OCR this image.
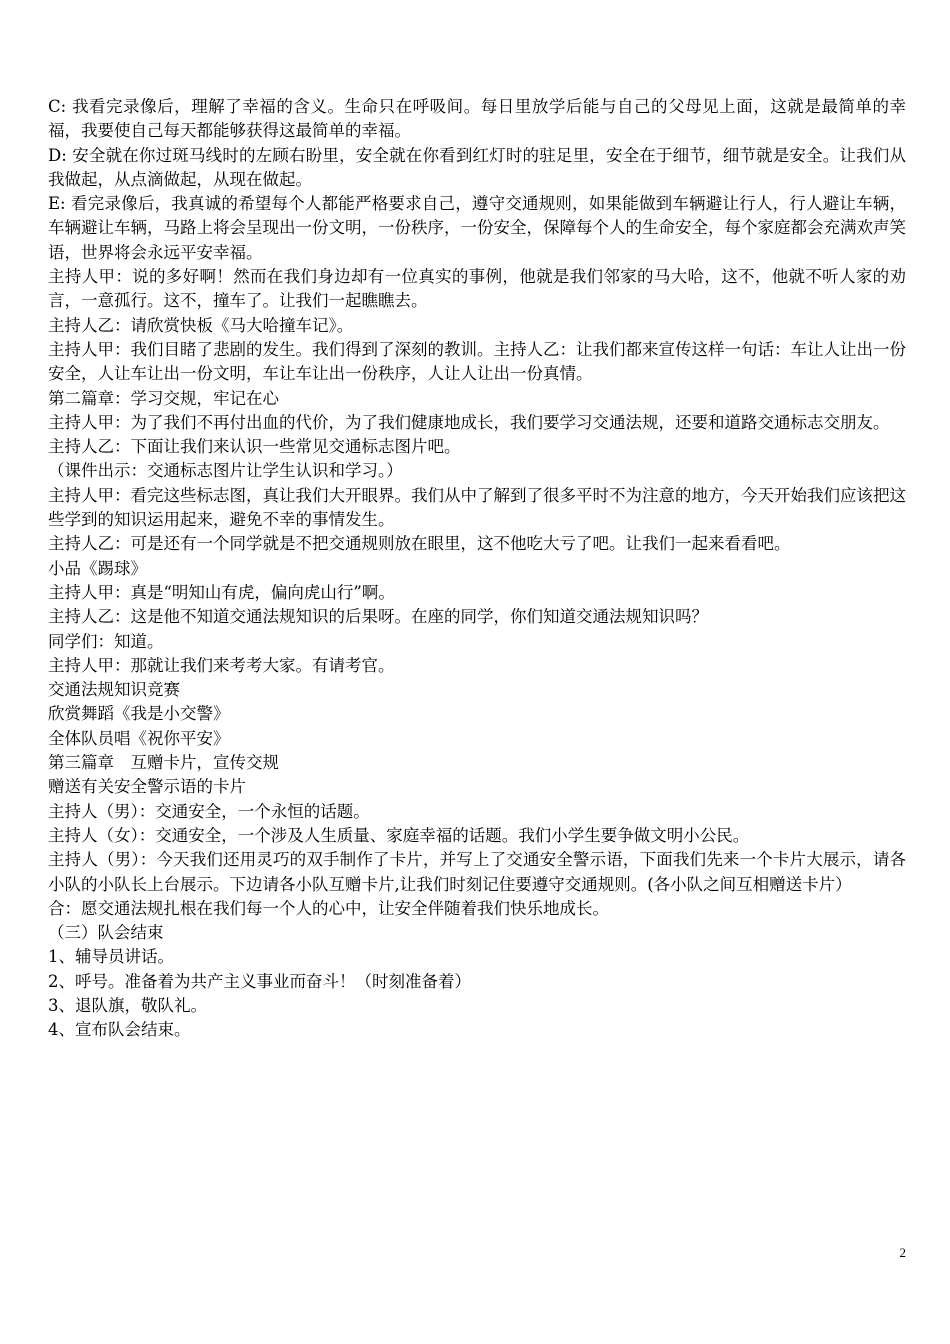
C: 我看完录像后，理解了幸福的含义。生命只在呼吸间。每日里放学后能与自己的父母见上面，这就是最简单的幸福，我要使自己每天都能够获得这最简单的幸福。

D: 安全就在你过斑马线时的左顾右盼里，安全就在你看到红灯时的驻足里，安全在于细节，细节就是安全。让我们从我做起，从点滴做起，从现在做起。

E: 看完录像后，我真诚的希望每个人都能严格要求自己，遵守交通规则，如果能做到车辆避让行人，行人避让车辆，车辆避让车辆，马路上将会呈现出一份文明，一份秩序，一份安全，保障每个人的生命安全，每个家庭都会充满欢声笑语，世界将会永远平安幸福。

主持人甲：说的多好啊！然而在我们身边却有一位真实的事例，他就是我们邻家的马大哈，这不，他就不听人家的劝言，一意孤行。这不，撞车了。让我们一起瞧瞧去。

主持人乙：请欣赏快板《马大哈撞车记》。

主持人甲：我们目睹了悲剧的发生。我们得到了深刻的教训。主持人乙：让我们都来宣传这样一句话：车让人让出一份安全，人让车让出一份文明，车让车让出一份秩序，人让人让出一份真情。

第二篇章：学习交规，牢记在心

主持人甲：为了我们不再付出血的代价，为了我们健康地成长，我们要学习交通法规，还要和道路交通标志交朋友。

主持人乙：下面让我们来认识一些常见交通标志图片吧。

（课件出示：交通标志图片让学生认识和学习。）

主持人甲：看完这些标志图，真让我们大开眼界。我们从中了解到了很多平时不为注意的地方，今天开始我们应该把这些学到的知识运用起来，避免不幸的事情发生。

主持人乙：可是还有一个同学就是不把交通规则放在眼里，这不他吃大亏了吧。让我们一起来看看吧。

小品《踢球》

主持人甲：真是“明知山有虎，偏向虎山行”啊。

主持人乙：这是他不知道交通法规知识的后果呀。在座的同学，你们知道交通法规知识吗？

同学们：知道。

主持人甲：那就让我们来考考大家。有请考官。

交通法规知识竞赛

欣赏舞蹈《我是小交警》

全体队员唱《祝你平安》

第三篇章　互赠卡片，宣传交规

赠送有关安全警示语的卡片

主持人（男）：交通安全，一个永恒的话题。

主持人（女）：交通安全，一个涉及人生质量、家庭幸福的话题。我们小学生要争做文明小公民。

主持人（男）：今天我们还用灵巧的双手制作了卡片，并写上了交通安全警示语，下面我们先来一个卡片大展示，请各小队的小队长上台展示。下边请各小队互赠卡片,让我们时刻记住要遵守交通规则。(各小队之间互相赠送卡片）

合：愿交通法规扎根在我们每一个人的心中，让安全伴随着我们快乐地成长。

（三）队会结束

1、辅导员讲话。

2、呼号。准备着为共产主义事业而奋斗！（时刻准备着）

3、退队旗，敬队礼。

4、宣布队会结束。

2
